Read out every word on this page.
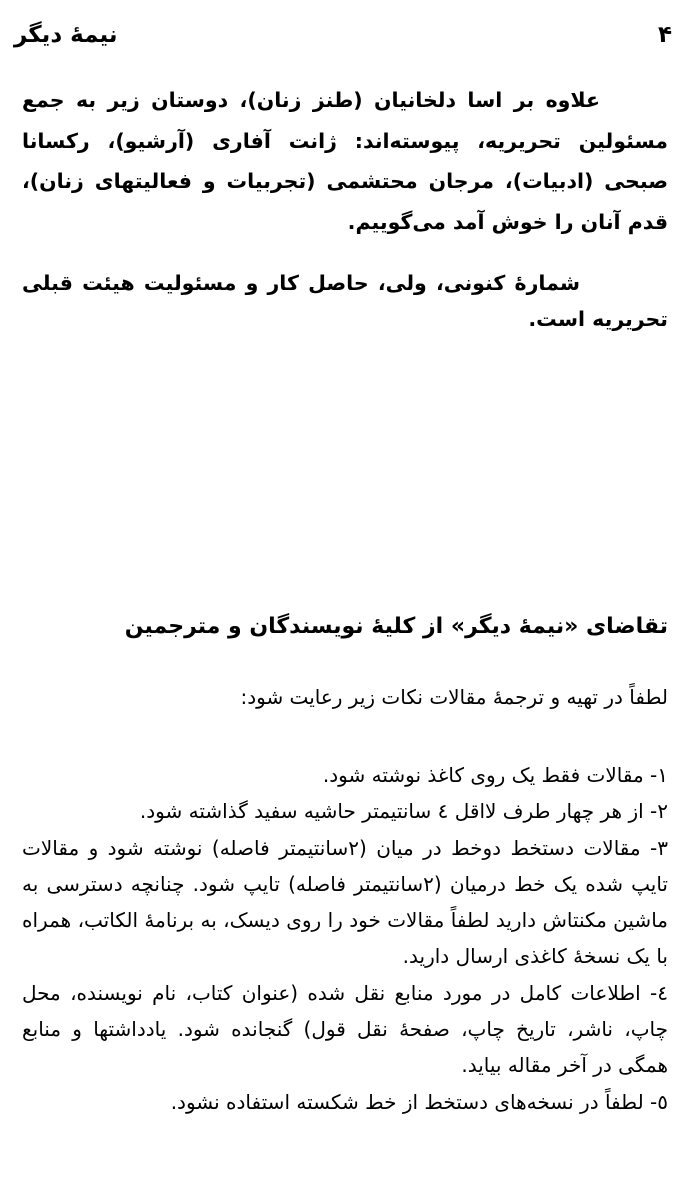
نیمهٔ دیگر	۴
علاوه بر اسا دلخانیان (طنز زنان)، دوستان زیر به جمع مسئولین تحریریه، پیوسته‌اند: ژانت آفاری (آرشیو)، رکسانا صبحی (ادبیات)، مرجان محتشمی (تجربیات و فعالیتهای زنان)، قدم آنان را خوش آمد می‌گوییم.
شمارهٔ کنونی، ولی، حاصل کار و مسئولیت هیئت قبلی تحریریه است.
تقاضای «نیمهٔ دیگر» از کلیهٔ نویسندگان و مترجمین
لطفاً در تهیه و ترجمهٔ مقالات نکات زیر رعایت شود:

۱- مقالات فقط یک روی کاغذ نوشته شود.

۲- از هر چهار طرف لااقل ٤ سانتیمتر حاشیه سفید گذاشته شود.

۳- مقالات دستخط دوخط در میان (۲سانتیمتر فاصله) نوشته شود و مقالات تایپ شده یک خط درمیان (۲سانتیمتر فاصله) تایپ شود. چنانچه دسترسی به ماشین مکنتاش دارید لطفاً مقالات خود را روی دیسک، به برنامهٔ الکاتب، همراه با یک نسخهٔ کاغذی ارسال دارید.

٤- اطلاعات کامل در مورد منابع نقل شده (عنوان کتاب، نام نویسنده، محل چاپ، ناشر، تاریخ چاپ، صفحهٔ نقل قول) گنجانده شود. یادداشتها و منابع همگی در آخر مقاله بیاید.

٥- لطفاً در نسخه‌های دستخط از خط شکسته استفاده نشود.
